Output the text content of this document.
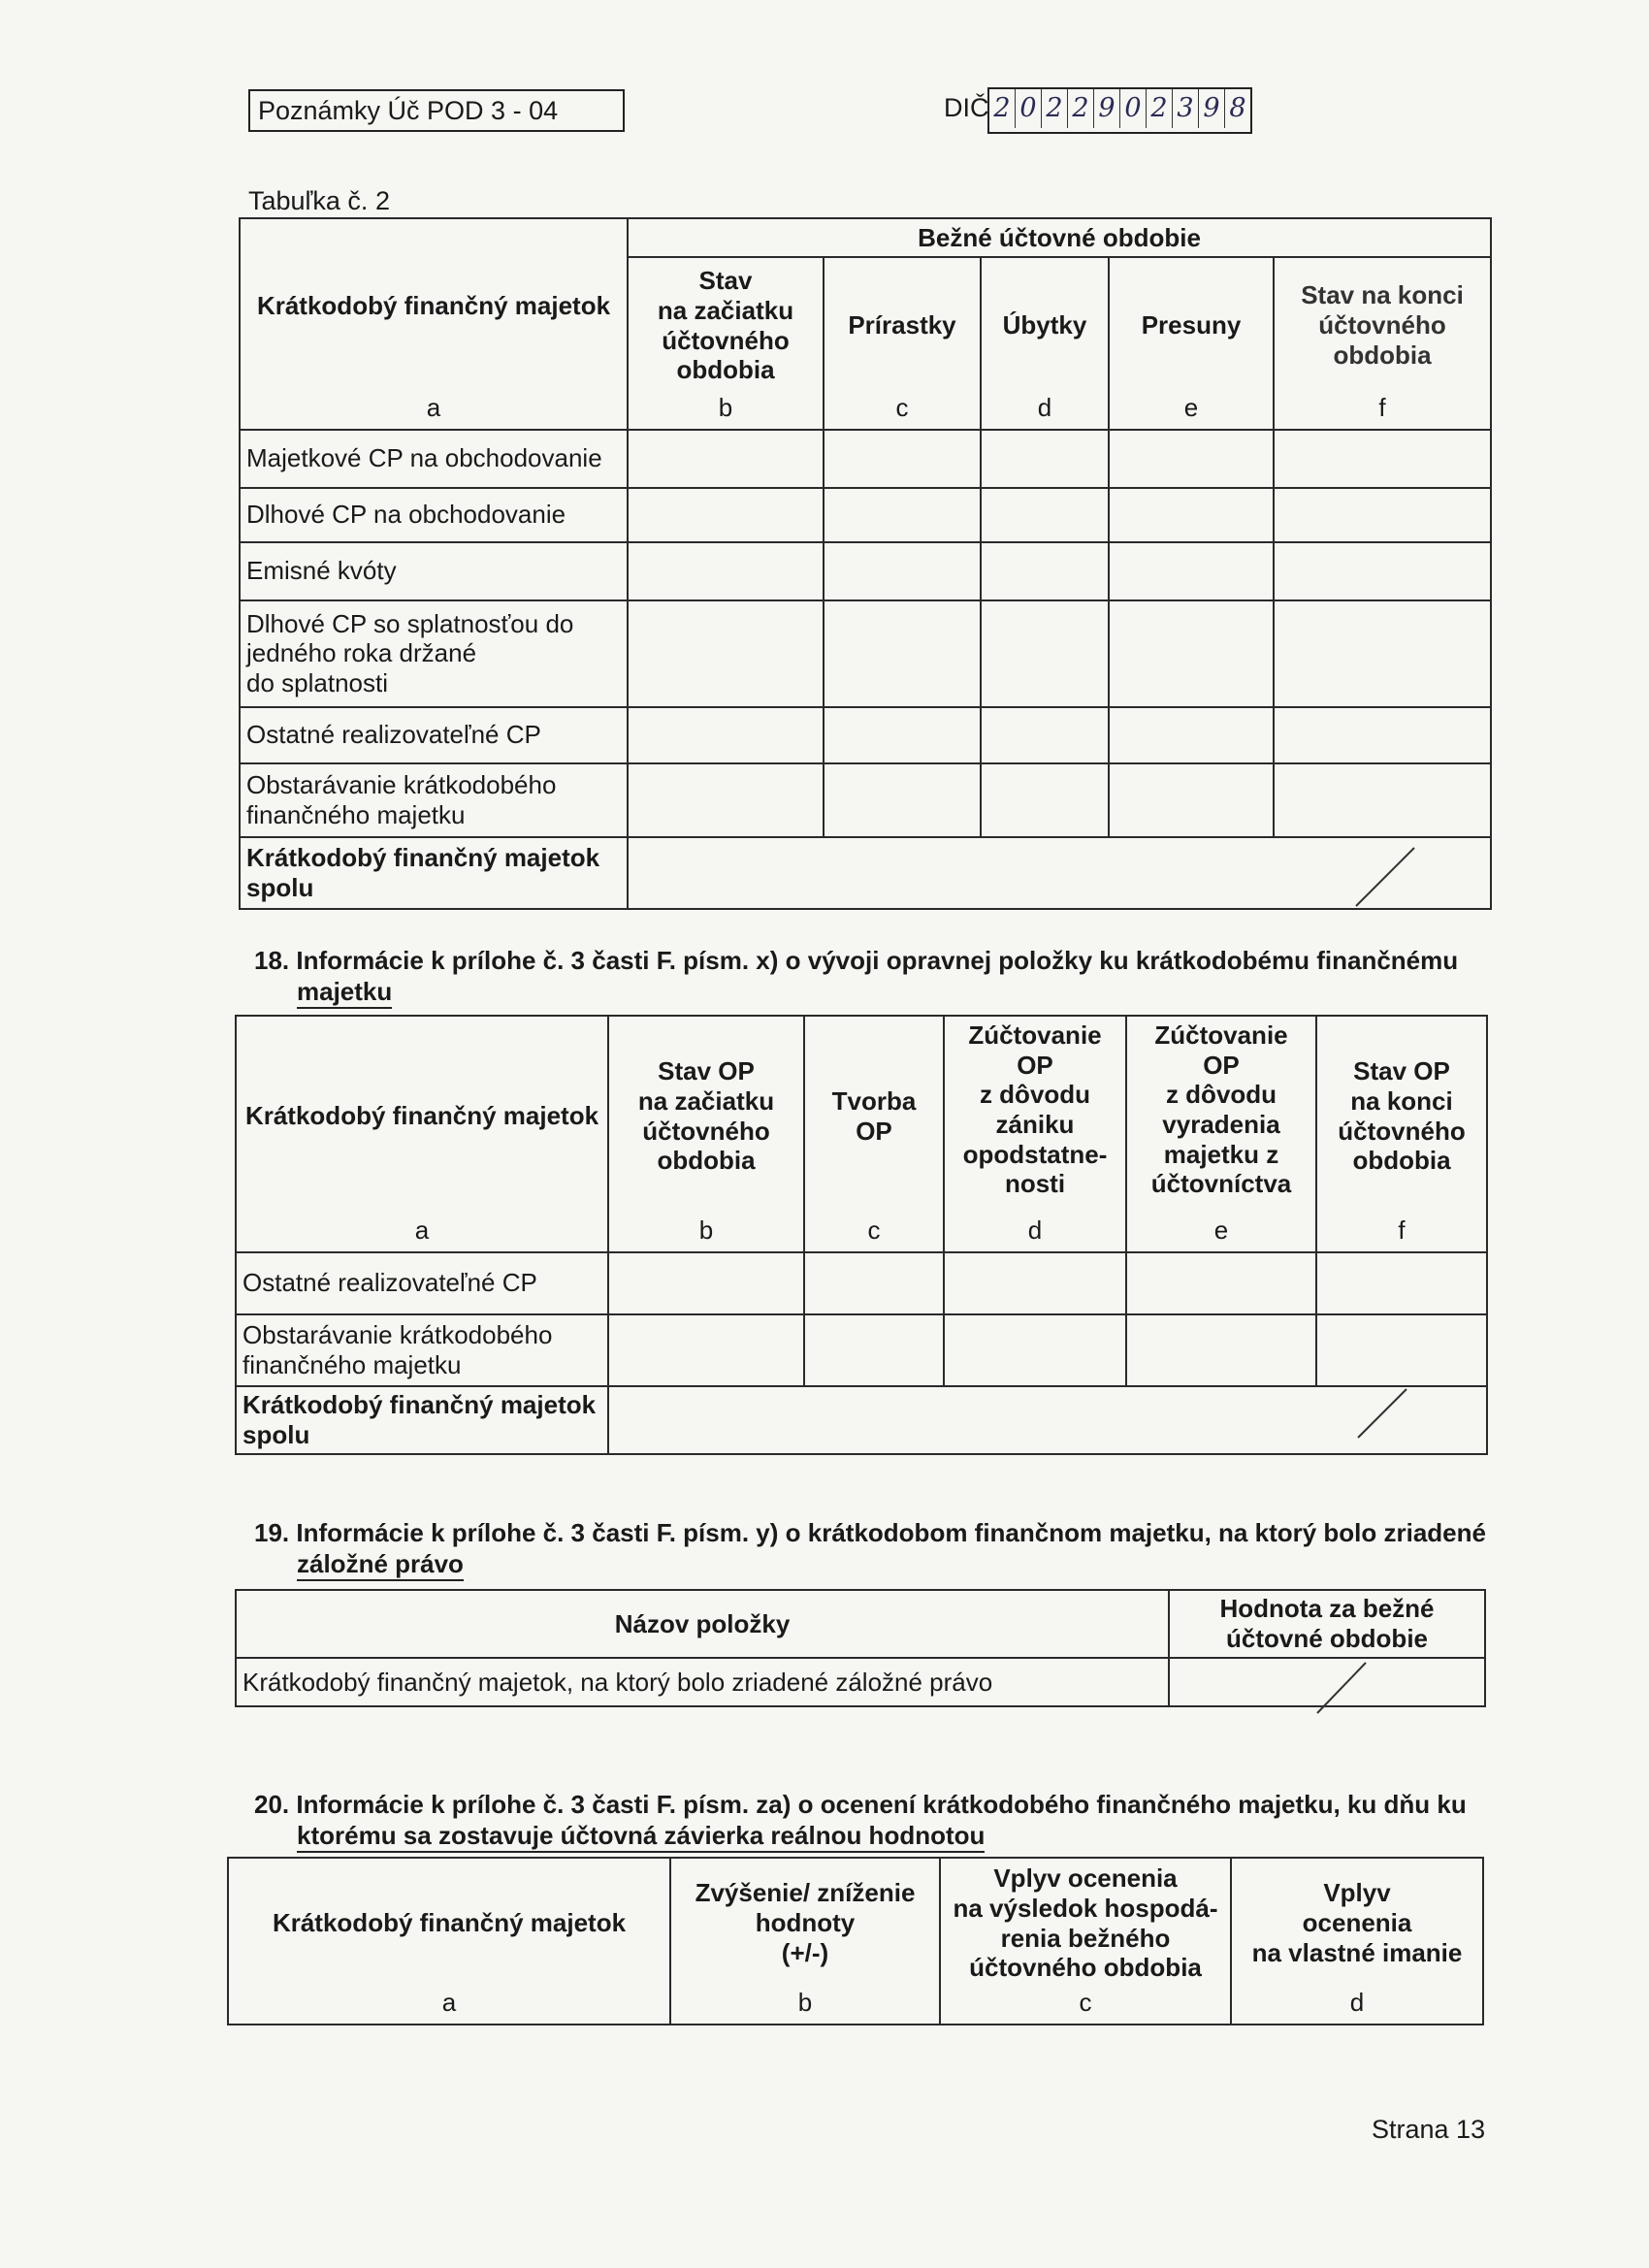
Poznámky Úč POD 3 - 04	DIČ 2 0 2 2 9 0 2 3 9 8
Tabuľka č. 2
Krátkodobý finančný majetok	Bežné účtovné obdobie				
	Stav
na začiatku
účtovného
obdobia	Prírastky	Úbytky	Presuny	Stav na konci
účtovného
obdobia
a	b	c	d	e	f
Majetkové CP na obchodovanie					
Dlhové CP na obchodovanie					
Emisné kvóty					
Dlhové CP so splatnosťou do
jedného roka držané
do splatnosti					
Ostatné realizovateľné CP					
Obstarávanie krátkodobého
finančného majetku					
Krátkodobý finančný majetok
spolu					
18. Informácie k prílohe č. 3 časti F. písm. x) o vývoji opravnej položky ku krátkodobému finančnému
majetku
Krátkodobý finančný majetok	Stav OP
na začiatku
účtovného
obdobia	Tvorba
OP	Zúčtovanie OP
z dôvodu
zániku
opodstatne-
nosti	Zúčtovanie OP
z dôvodu
vyradenia
majetku z
účtovníctva	Stav OP
na konci
účtovného
obdobia
a	b	c	d	e	f
Ostatné realizovateľné CP					
Obstarávanie krátkodobého
finančného majetku					
Krátkodobý finančný majetok
spolu					
19. Informácie k prílohe č. 3 časti F. písm. y) o krátkodobom finančnom majetku, na ktorý bolo zriadené
záložné právo
Názov položky	Hodnota za bežné
účtovné obdobie
Krátkodobý finančný majetok, na ktorý bolo zriadené záložné právo	
20. Informácie k prílohe č. 3 časti F. písm. za) o ocenení krátkodobého finančného majetku, ku dňu ku
ktorému sa zostavuje účtovná závierka reálnou hodnotou
Krátkodobý finančný majetok	Zvýšenie/ zníženie
hodnoty
(+/-)	Vplyv ocenenia
na výsledok hospodá-
renia bežného
účtovného obdobia	Vplyv
ocenenia
na vlastné imanie
a	b	c	d
Strana 13
